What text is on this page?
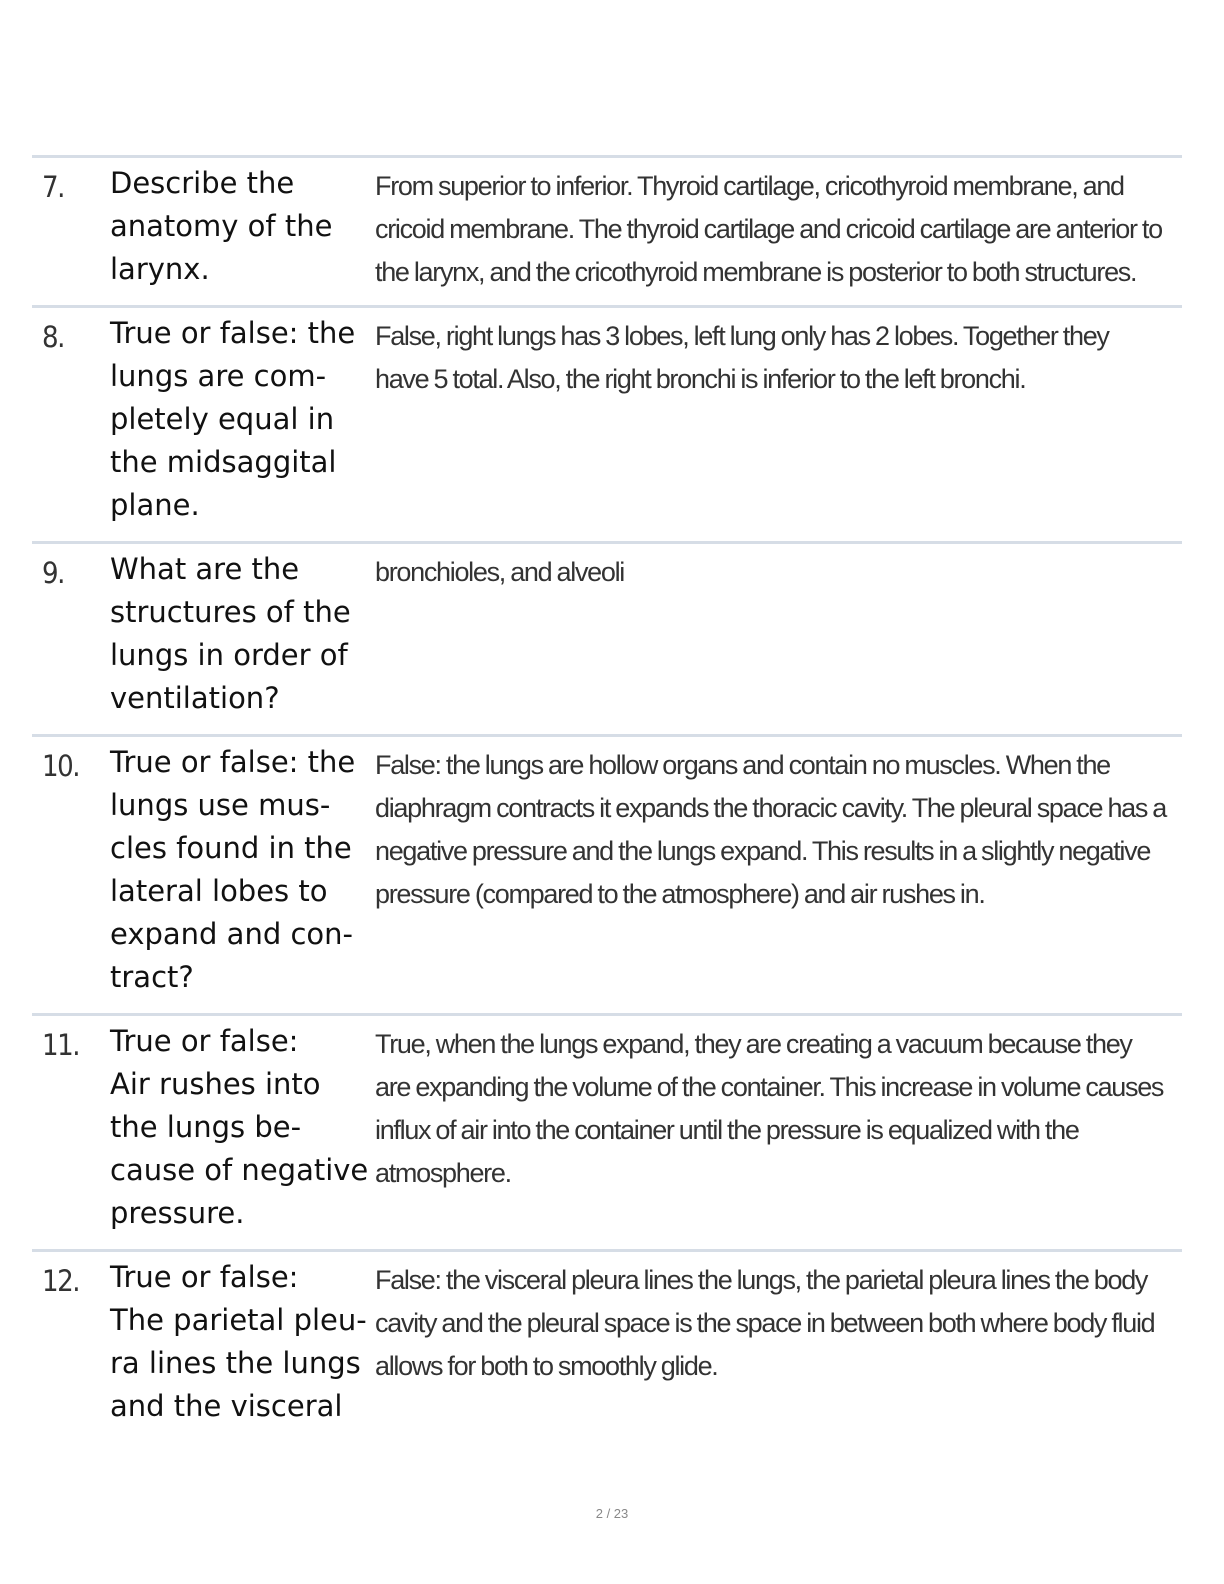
7.	Describe the
anatomy of the
larynx.
From superior to inferior. Thyroid cartilage, cricothyroid membrane, and cricoid membrane. The thyroid cartilage and cricoid cartilage are anterior to the larynx, and the cricothyroid membrane is posterior to both structures.
8.	True or false: the
lungs are com-
pletely equal in
the midsaggital
plane.
False, right lungs has 3 lobes, left lung only has 2 lobes. Together they have 5 total. Also, the right bronchi is inferior to the left bronchi.
9.	What are the
structures of the
lungs in order of
ventilation?
bronchioles, and alveoli
10.	True or false: the
lungs use mus-
cles found in the
lateral lobes to
expand and con-
tract?
False: the lungs are hollow organs and contain no muscles. When the diaphragm contracts it expands the thoracic cavity. The pleural space has a negative pressure and the lungs expand. This results in a slightly negative pressure (compared to the atmosphere) and air rushes in.
11.	True or false:
Air rushes into
the lungs be-
cause of negative
pressure.
True, when the lungs expand, they are creating a vacuum because they are expanding the volume of the container. This increase in volume causes influx of air into the container until the pressure is equalized with the atmosphere.
12.	True or false:
The parietal pleu-
ra lines the lungs
and the visceral
False: the visceral pleura lines the lungs, the parietal pleura lines the body cavity and the pleural space is the space in between both where body fluid allows for both to smoothly glide.
2 / 23
